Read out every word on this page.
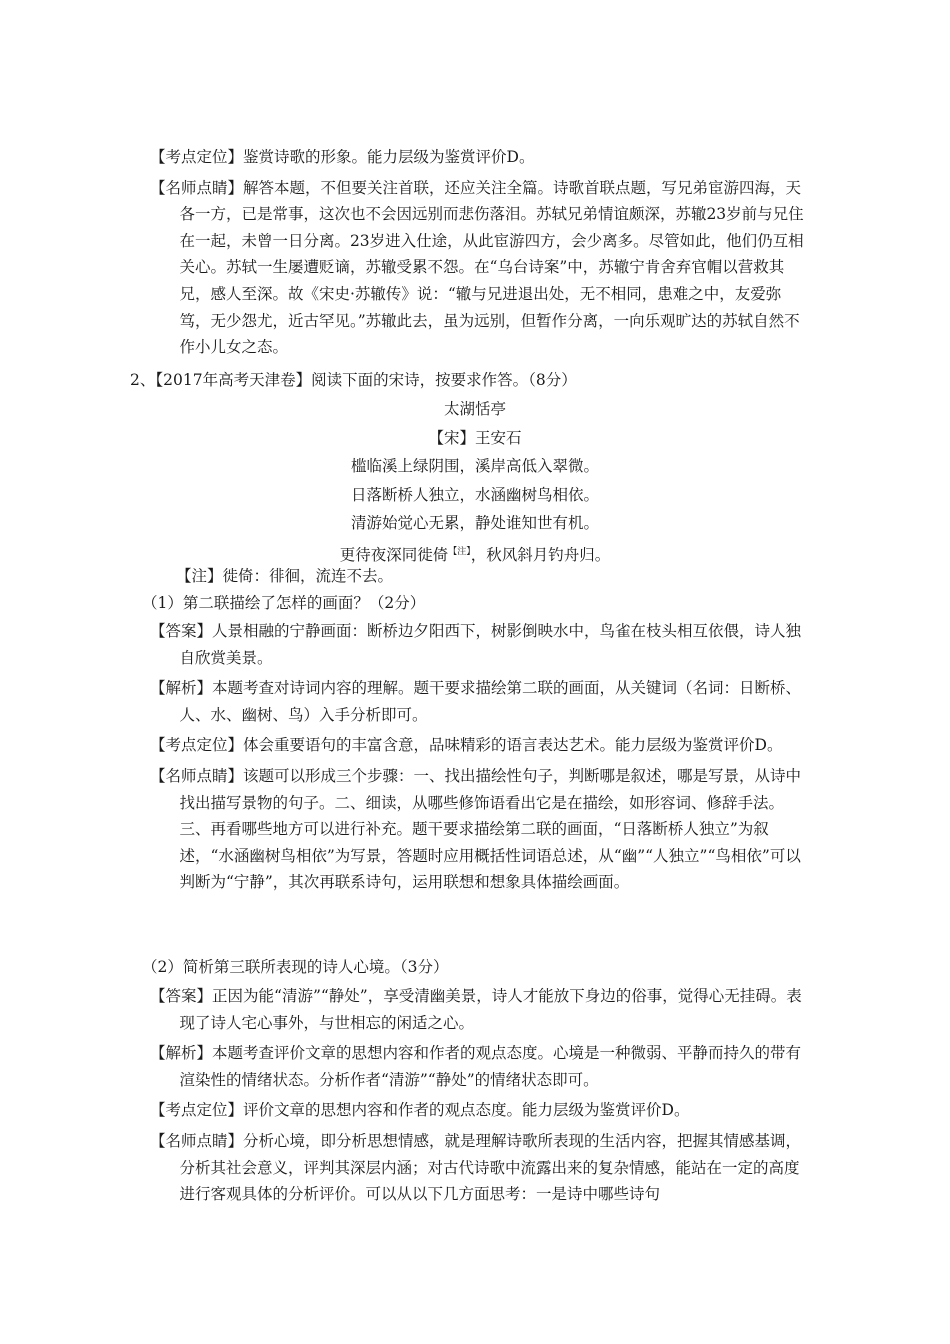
【考点定位】鉴赏诗歌的形象。能力层级为鉴赏评价D。

【名师点睛】解答本题，不但要关注首联，还应关注全篇。诗歌首联点题，写兄弟宦游四海，天各一方，已是常事，这次也不会因远别而悲伤落泪。苏轼兄弟情谊颇深，苏辙23岁前与兄住在一起，未曾一日分离。23岁进入仕途，从此宦游四方，会少离多。尽管如此，他们仍互相关心。苏轼一生屡遭贬谪，苏辙受累不怨。在“乌台诗案”中，苏辙宁肯舍弃官帽以营救其兄，感人至深。故《宋史·苏辙传》说：“辙与兄进退出处，无不相同，患难之中，友爱弥笃，无少怨尤，近古罕见。”苏辙此去，虽为远别，但暂作分离，一向乐观旷达的苏轼自然不作小儿女之态。

2、【2017年高考天津卷】阅读下面的宋诗，按要求作答。（8分）

太湖恬亭
【宋】王安石
槛临溪上绿阴围，溪岸高低入翠微。
日落断桥人独立，水涵幽树鸟相依。
清游始觉心无累，静处谁知世有机。
更待夜深同徙倚$^{【注】}$，秋风斜月钓舟归。

【注】徙倚：徘徊，流连不去。

（1）第二联描绘了怎样的画面？（2分）

【答案】人景相融的宁静画面：断桥边夕阳西下，树影倒映水中，鸟雀在枝头相互依偎，诗人独自欣赏美景。

【解析】本题考查对诗词内容的理解。题干要求描绘第二联的画面，从关键词（名词：日断桥、人、水、幽树、鸟）入手分析即可。

【考点定位】体会重要语句的丰富含意，品味精彩的语言表达艺术。能力层级为鉴赏评价D。

【名师点睛】该题可以形成三个步骤：一、找出描绘性句子，判断哪是叙述，哪是写景，从诗中找出描写景物的句子。二、细读，从哪些修饰语看出它是在描绘，如形容词、修辞手法。三、再看哪些地方可以进行补充。题干要求描绘第二联的画面，“日落断桥人独立”为叙述，“水涵幽树鸟相依”为写景，答题时应用概括性词语总述，从“幽”“人独立”“鸟相依”可以判断为“宁静”，其次再联系诗句，运用联想和想象具体描绘画面。

（2）简析第三联所表现的诗人心境。（3分）

【答案】正因为能“清游”“静处”，享受清幽美景，诗人才能放下身边的俗事，觉得心无挂碍。表现了诗人宅心事外，与世相忘的闲适之心。

【解析】本题考查评价文章的思想内容和作者的观点态度。心境是一种微弱、平静而持久的带有渲染性的情绪状态。分析作者“清游”“静处”的情绪状态即可。

【考点定位】评价文章的思想内容和作者的观点态度。能力层级为鉴赏评价D。

【名师点睛】分析心境，即分析思想情感，就是理解诗歌所表现的生活内容，把握其情感基调，分析其社会意义，评判其深层内涵；对古代诗歌中流露出来的复杂情感，能站在一定的高度进行客观具体的分析评价。可以从以下几方面思考：一是诗中哪些诗句
